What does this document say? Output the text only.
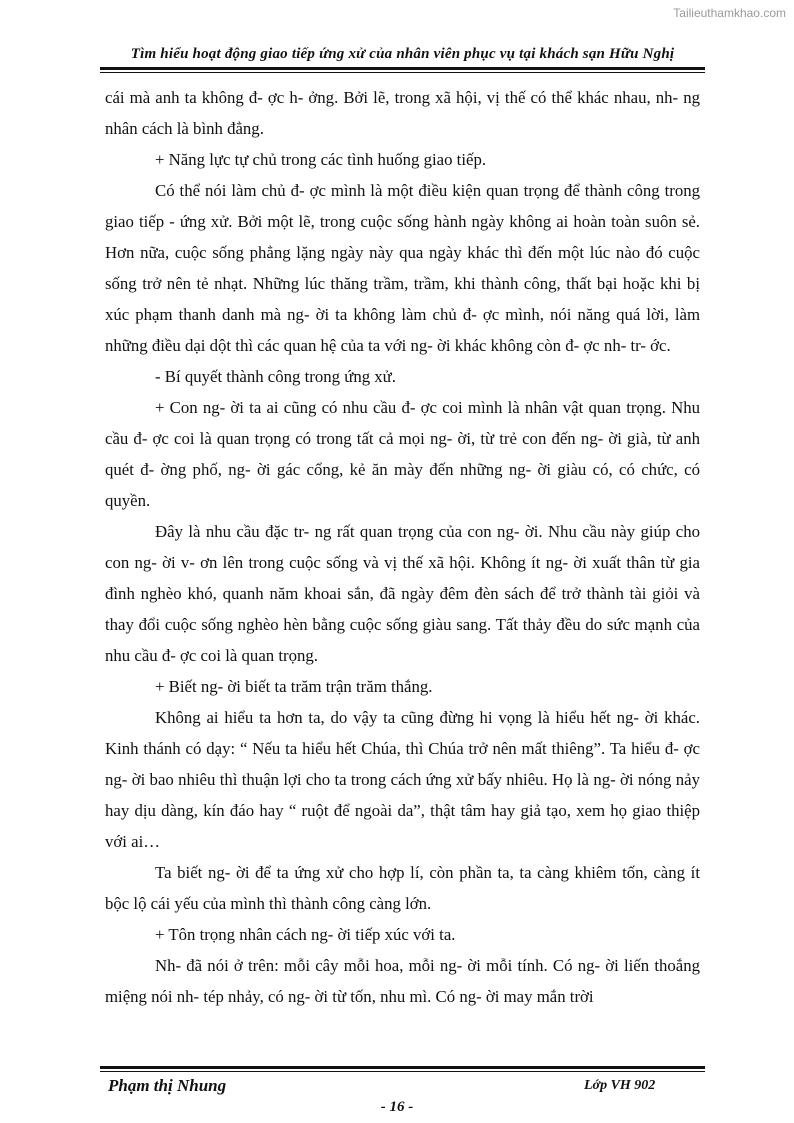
Tailieuthamkhao.com
Tìm hiểu hoạt động giao tiếp ứng xử của nhân viên phục vụ tại khách sạn Hữu Nghị

cái mà anh ta không đ- ợc h- ởng. Bởi lẽ, trong xã hội, vị thế có thể khác nhau, nh- ng nhân cách là bình đẳng.

+ Năng lực tự chủ trong các tình huống giao tiếp.

Có thể nói làm chủ đ- ợc mình là một điều kiện quan trọng để thành công trong giao tiếp - ứng xử. Bởi một lẽ, trong cuộc sống hành ngày không ai hoàn toàn suôn sẻ. Hơn nữa, cuộc sống phẳng lặng ngày này qua ngày khác thì đến một lúc nào đó cuộc sống trở nên tẻ nhạt. Những lúc thăng trầm, trầm, khi thành công, thất bại hoặc khi bị xúc phạm thanh danh mà ng- ời ta không làm chủ đ- ợc mình, nói năng quá lời, làm những điều dại dột thì các quan hệ của ta với ng- ời khác không còn đ- ợc nh- tr- ớc.

- Bí quyết thành công trong ứng xử.

+ Con ng- ời ta ai cũng có nhu cầu đ- ợc coi mình là nhân vật quan trọng. Nhu cầu đ- ợc coi là quan trọng có trong tất cả mọi ng- ời, từ trẻ con đến ng- ời già, từ anh quét đ- ờng phố, ng- ời gác cổng, kẻ ăn mày đến những ng- ời giàu có, có chức, có quyền.

Đây là nhu cầu đặc tr- ng rất quan trọng của con ng- ời. Nhu cầu này giúp cho con ng- ời v- ơn lên trong cuộc sống và vị thế xã hội. Không ít ng- ời xuất thân từ gia đình nghèo khó, quanh năm khoai sắn, đã ngày đêm đèn sách để trở thành tài giỏi và thay đổi cuộc sống nghèo hèn bằng cuộc sống giàu sang. Tất thảy đều do sức mạnh của nhu cầu đ- ợc coi là quan trọng.

+ Biết ng- ời biết ta trăm trận trăm thắng.

Không ai hiểu ta hơn ta, do vậy ta cũng đừng hi vọng là hiểu hết ng- ời khác. Kinh thánh có dạy: “ Nếu ta hiểu hết Chúa, thì Chúa trở nên mất thiêng”. Ta hiểu đ- ợc ng- ời bao nhiêu thì thuận lợi cho ta trong cách ứng xử bấy nhiêu. Họ là ng- ời nóng nảy hay dịu dàng, kín đáo hay “ ruột để ngoài da”, thật tâm hay giả tạo, xem họ giao thiệp với ai…

Ta biết ng- ời để ta ứng xử cho hợp lí, còn phần ta, ta càng khiêm tốn, càng ít bộc lộ cái yếu của mình thì thành công càng lớn.

+ Tôn trọng nhân cách ng- ời tiếp xúc với ta.

Nh- đã nói ở trên: mỗi cây mỗi hoa, mỗi ng- ời mỗi tính. Có ng- ời liến thoắng miệng nói nh- tép nhảy, có ng- ời từ tốn, nhu mì. Có ng- ời may mắn trời

Phạm thị Nhung	Lớp VH 902
- 16 -
